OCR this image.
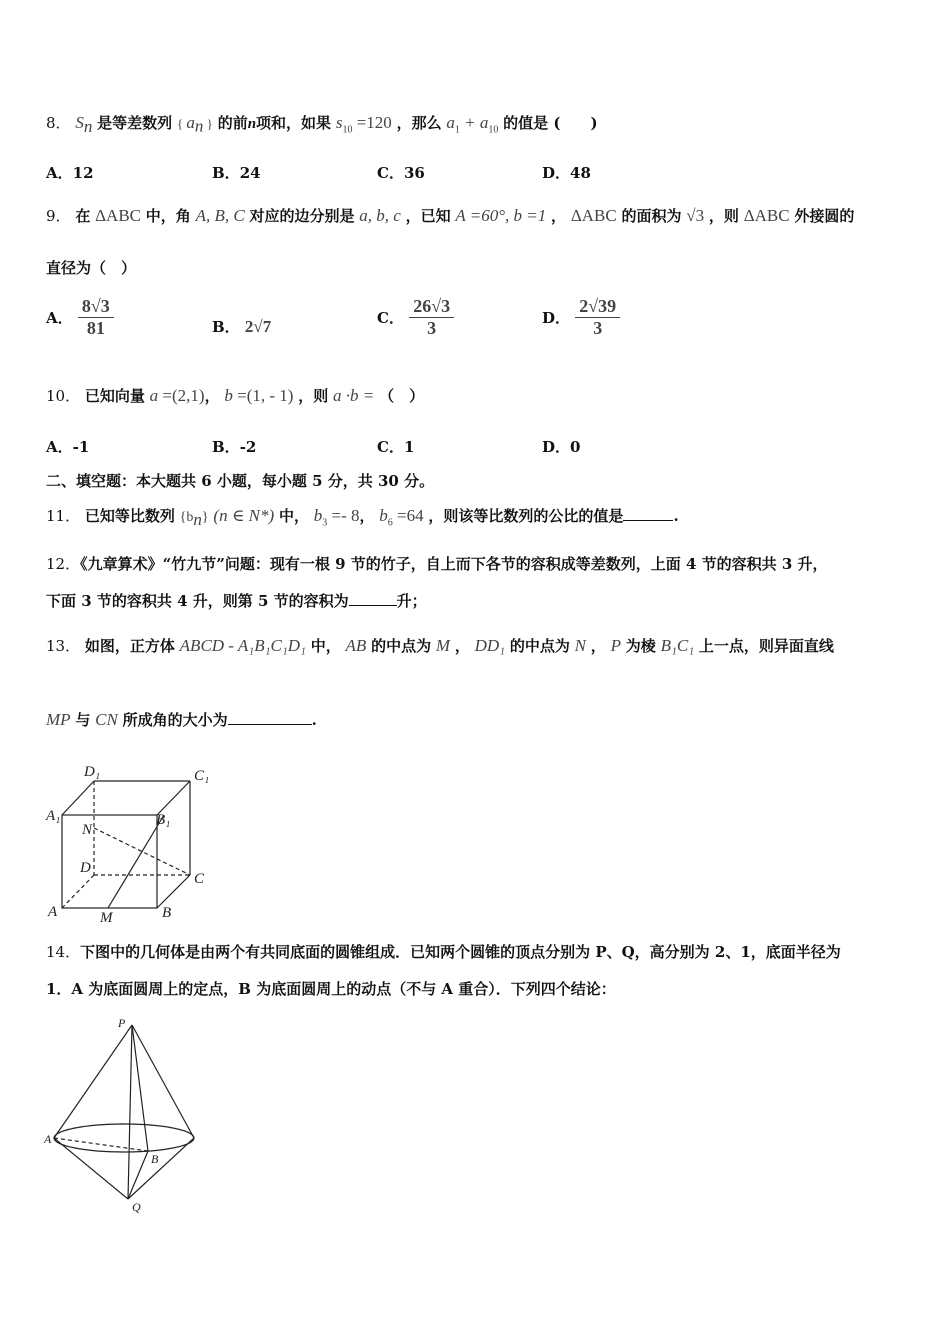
8． $S_n$ 是等差数列 { $a_n$ } 的前n项和，如果 $s_{10} =120$ ，那么 $a_1 + a_{10}$ 的值是 (　　)
A．12	B．24	C．36	D．48
9． 在 ΔABC 中，角 A, B, C 对应的边分别是 a, b, c ，已知 A =60°, b =1 ， ΔABC 的面积为 √3 ，则 ΔABC 外接圆的
直径为（　）
A． $\frac{8√3}{81}$	B． 2√7	C． $\frac{26√3}{3}$	D． $\frac{2√39}{3}$
10． 已知向量 a =(2,1)， b =(1, - 1) ，则 a ·b = （　）
A．-1	B．-2	C．1	D．0
二、填空题：本大题共 6 小题，每小题 5 分，共 30 分。
11． 已知等比数列 $\{b_n\}$ (n ∈ N*) 中， $b_3 =- 8$， $b_6 =64$ ，则该等比数列的公比的值是	.
12．《九章算术》“竹九节”问题：现有一根 9 节的竹子，自上而下各节的容积成等差数列，上面 4 节的容积共 3 升，
下面 3 节的容积共 4 升，则第 5 节的容积为	升；
13． 如图，正方体 ABCD - A₁B₁C₁D₁ 中， AB 的中点为 M ， DD₁ 的中点为 N ， P 为棱 B₁C₁ 上一点，则异面直线
MP 与 CN 所成角的大小为	.
D₁	C₁
A₁	B₁
N
D
C
A	M	B
14．下图中的几何体是由两个有共同底面的圆锥组成．已知两个圆锥的顶点分别为 P、Q，高分别为 2、1，底面半径为
1．A 为底面圆周上的定点，B 为底面圆周上的动点（不与 A 重合）．下列四个结论：
P
A
B
Q
